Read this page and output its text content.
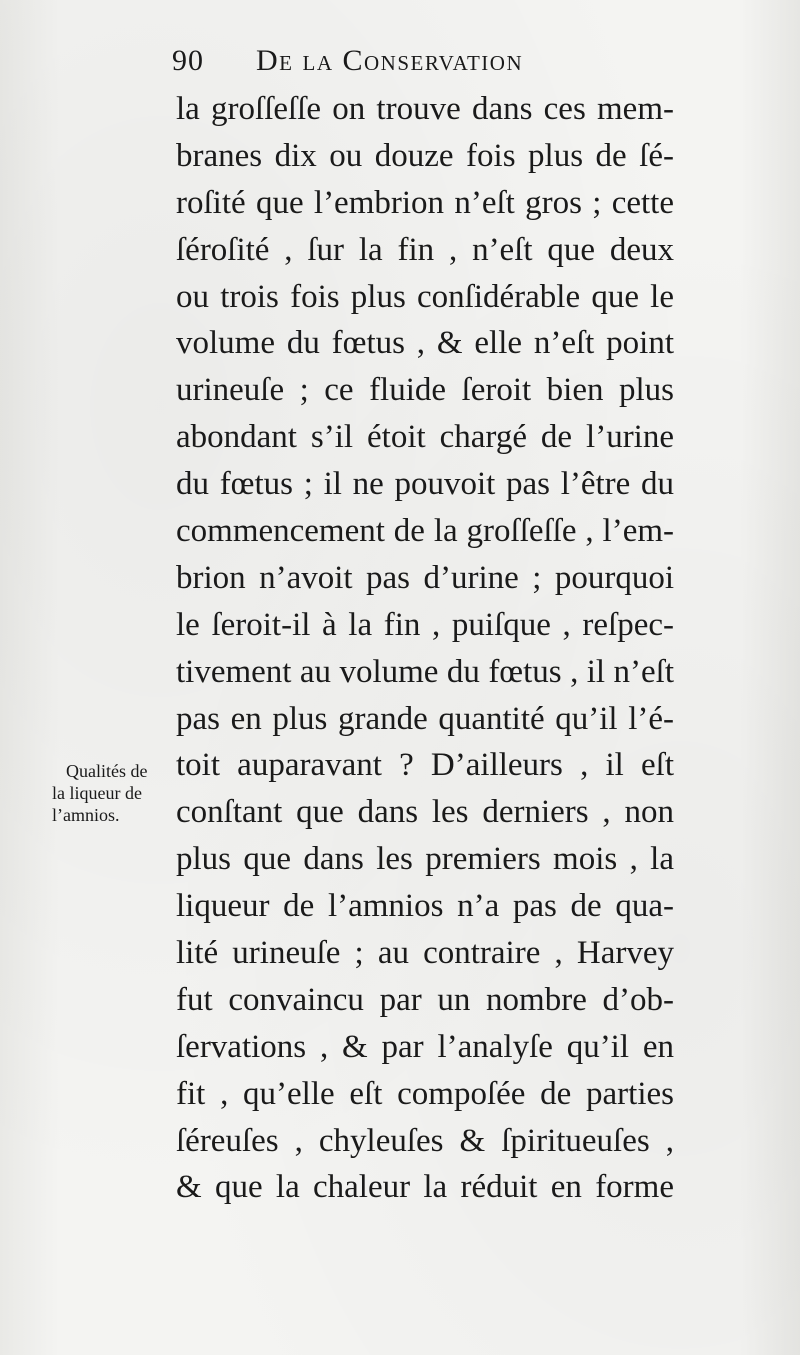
90 De la Conservation
la groſſeſſe on trouve dans ces mem-
branes dix ou douze fois plus de ſé-
roſité que l’embrion n’eſt gros ; cette
ſéroſité , ſur la fin , n’eſt que deux
ou trois fois plus conſidérable que le
volume du fœtus , & elle n’eſt point
urineuſe ; ce fluide ſeroit bien plus
abondant s’il étoit chargé de l’urine
du fœtus ; il ne pouvoit pas l’être du
commencement de la groſſeſſe , l’em-
brion n’avoit pas d’urine ; pourquoi
le ſeroit-il à la fin , puiſque , reſpec-
tivement au volume du fœtus , il n’eſt
pas en plus grande quantité qu’il l’é-
toit auparavant ? D’ailleurs , il eſt
conſtant que dans les derniers , non
plus que dans les premiers mois , la
liqueur de l’amnios n’a pas de qua-
lité urineuſe ; au contraire , Harvey
fut convaincu par un nombre d’ob-
ſervations , & par l’analyſe qu’il en
fit , qu’elle eſt compoſée de parties
ſéreuſes , chyleuſes & ſpiritueuſes ,
& que la chaleur la réduit en forme
Qualités de
la liqueur de
l’amnios.
